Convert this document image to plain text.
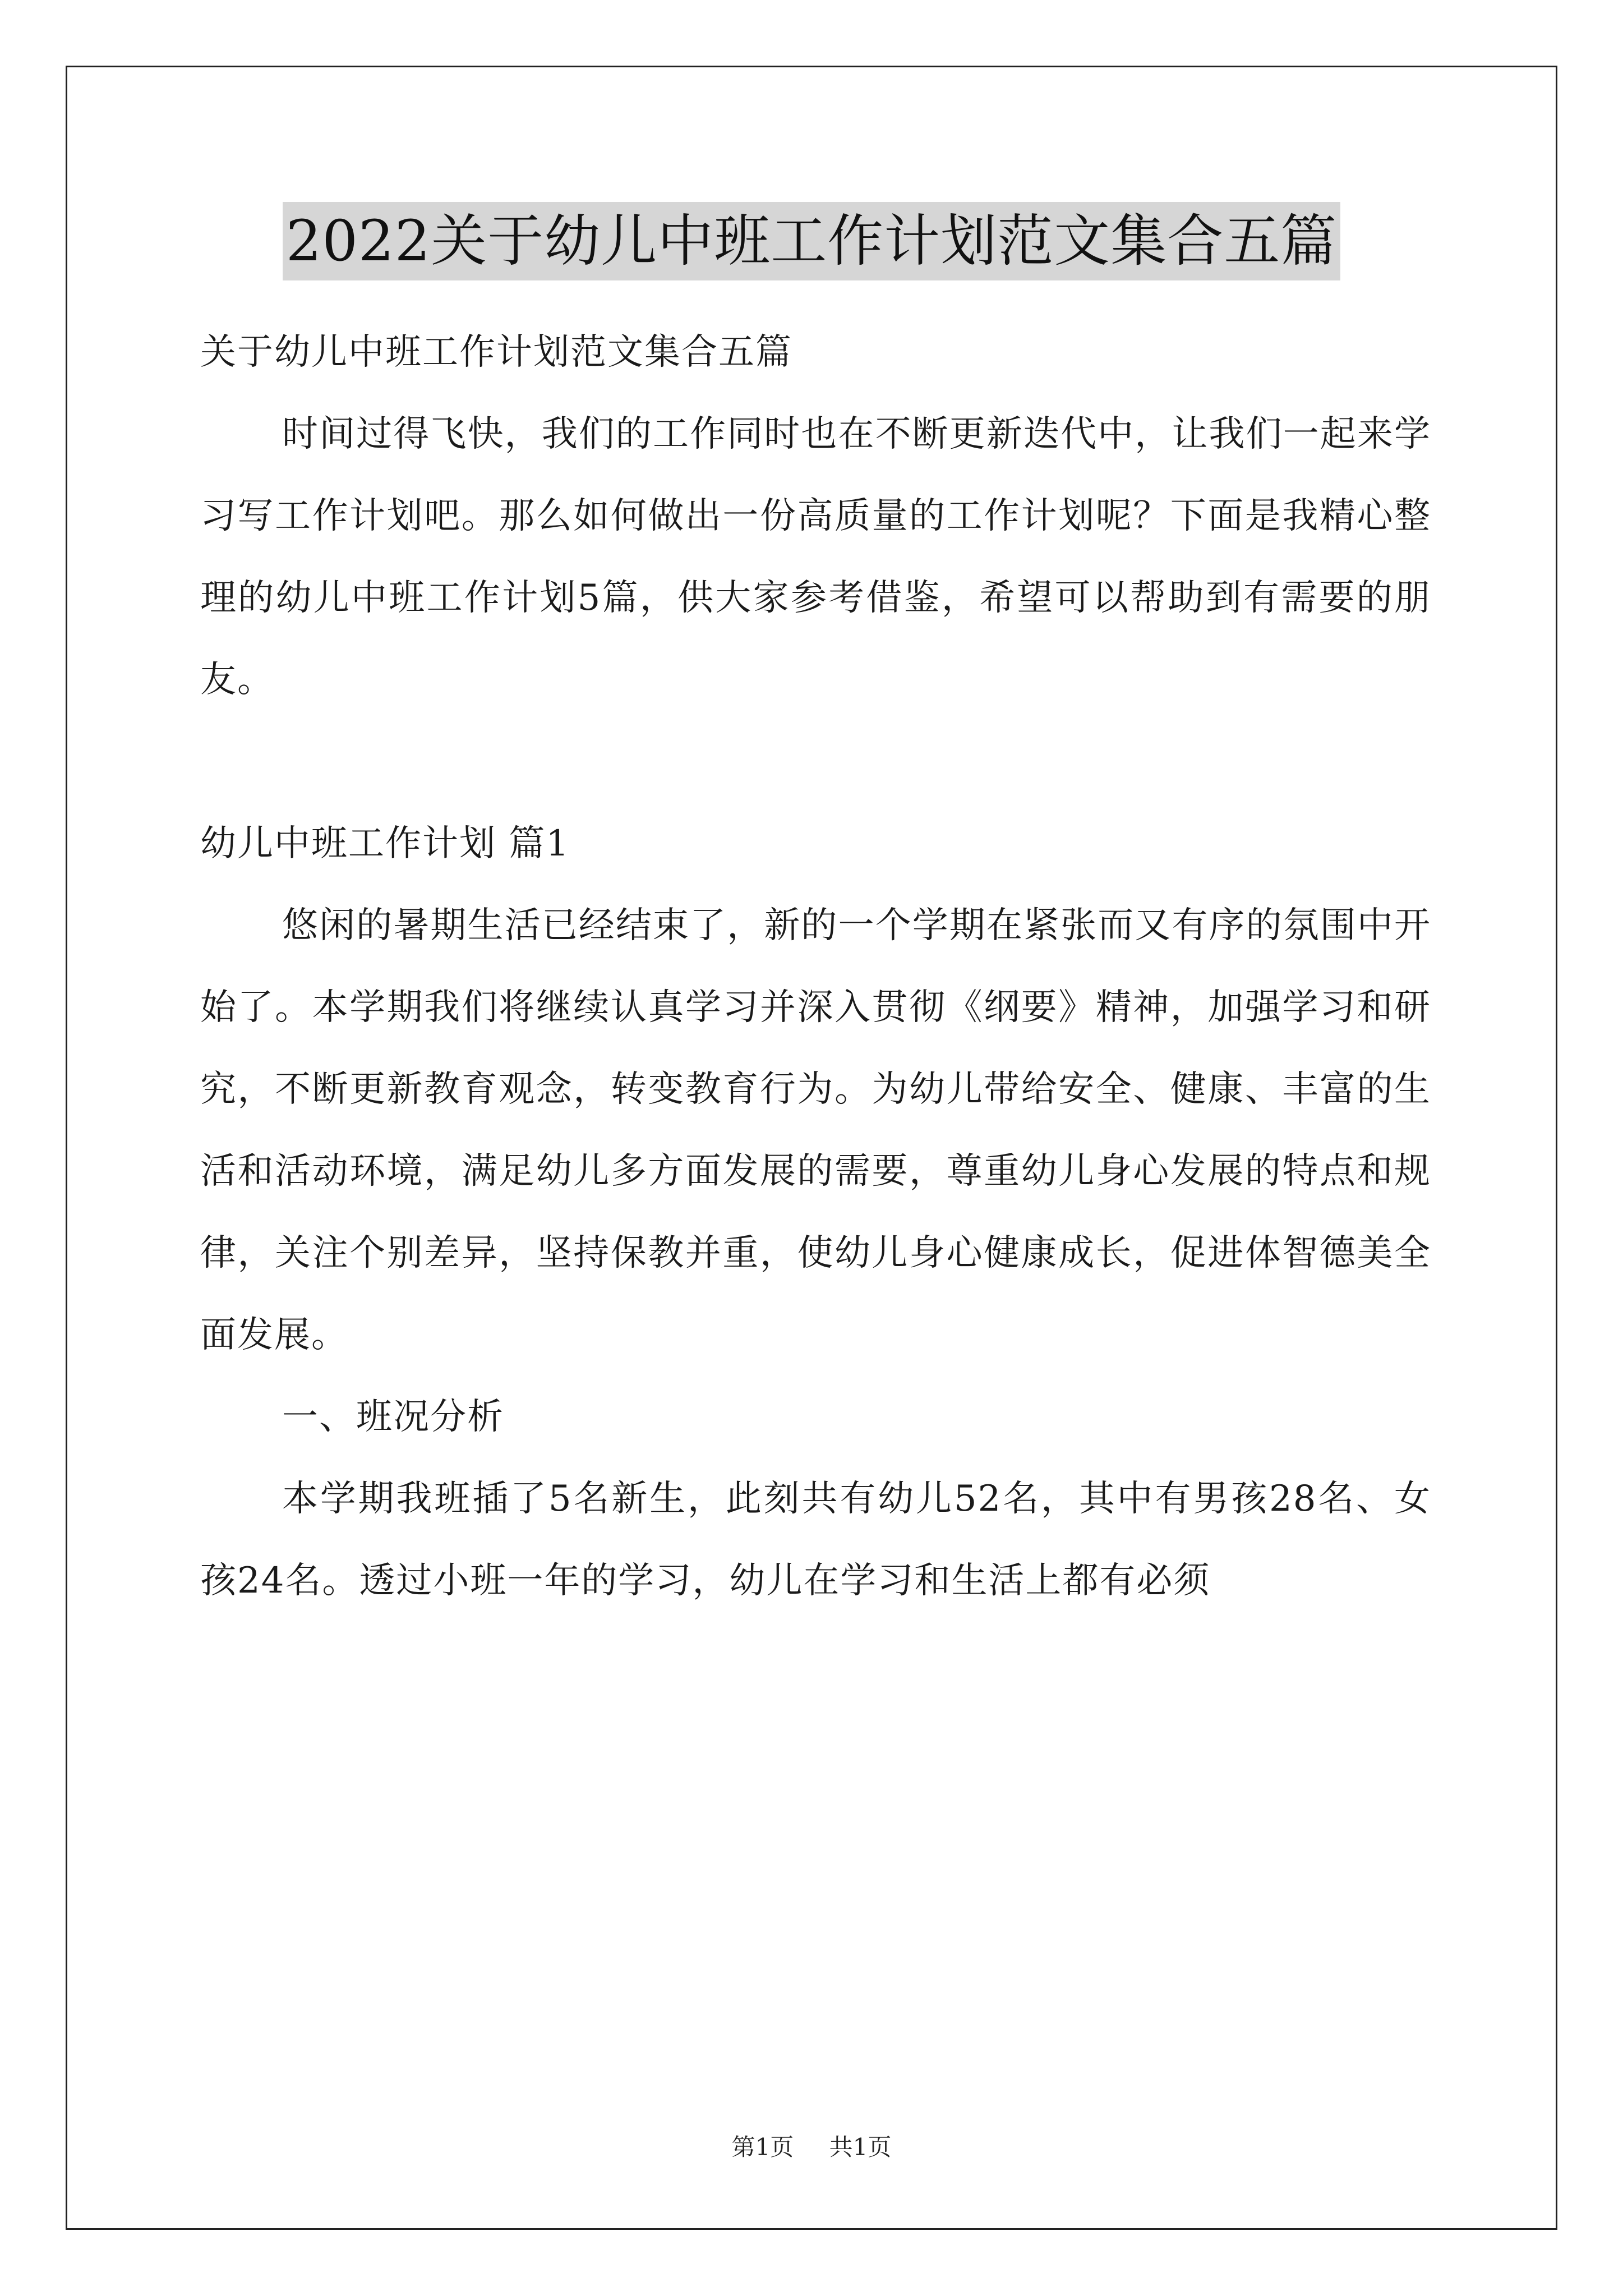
2022关于幼儿中班工作计划范文集合五篇

关于幼儿中班工作计划范文集合五篇

时间过得飞快，我们的工作同时也在不断更新迭代中，让我们一起来学习写工作计划吧。那么如何做出一份高质量的工作计划呢？下面是我精心整理的幼儿中班工作计划5篇，供大家参考借鉴，希望可以帮助到有需要的朋友。

幼儿中班工作计划 篇1

悠闲的暑期生活已经结束了，新的一个学期在紧张而又有序的氛围中开始了。本学期我们将继续认真学习并深入贯彻《纲要》精神，加强学习和研究，不断更新教育观念，转变教育行为。为幼儿带给安全、健康、丰富的生活和活动环境，满足幼儿多方面发展的需要，尊重幼儿身心发展的特点和规律，关注个别差异，坚持保教并重，使幼儿身心健康成长，促进体智德美全面发展。

一、班况分析

本学期我班插了5名新生，此刻共有幼儿52名，其中有男孩28名、女孩24名。透过小班一年的学习，幼儿在学习和生活上都有必须

第1页 共1页
